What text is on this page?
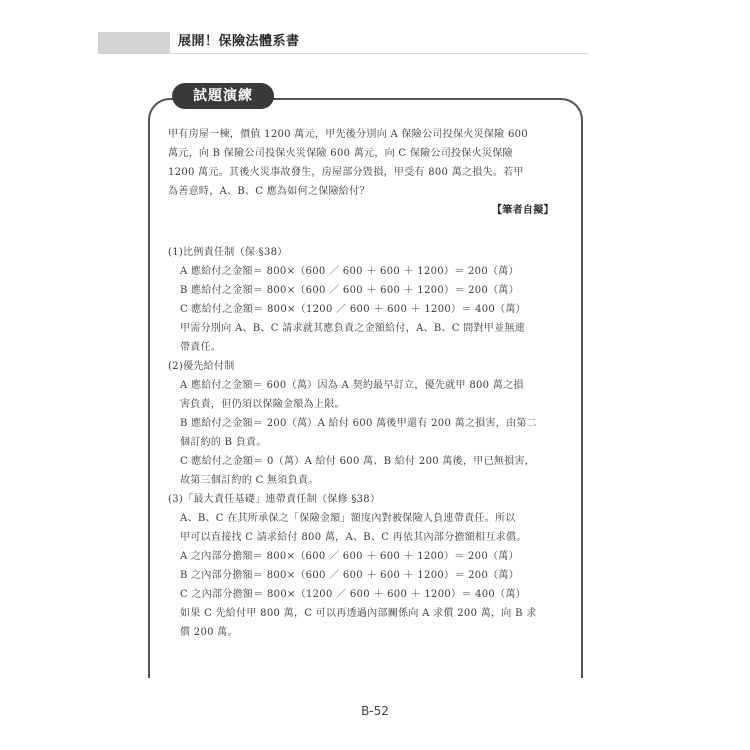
展開！保險法體系書
試題演練
甲有房屋一棟，價值 1200 萬元，甲先後分別向 A 保險公司投保火災保險 600
萬元，向 B 保險公司投保火災保險 600 萬元，向 C 保險公司投保火災保險
1200 萬元。其後火災事故發生，房屋部分毀損，甲受有 800 萬之損失。若甲
為善意時，A、B、C 應為如何之保險給付？
【筆者自擬】
(1)比例責任制（保 §38）
A 應給付之金額＝ 800×（600 ／ 600 ＋ 600 ＋ 1200）＝ 200（萬）
B 應給付之金額＝ 800×（600 ／ 600 ＋ 600 ＋ 1200）＝ 200（萬）
C 應給付之金額＝ 800×（1200 ／ 600 ＋ 600 ＋ 1200）＝ 400（萬）
甲需分別向 A、B、C 請求就其應負責之金額給付，A、B、C 間對甲並無連
帶責任。
(2)優先給付制
A 應給付之金額＝ 600（萬）因為 A 契約最早訂立，優先就甲 800 萬之損
害負責，但仍須以保險金額為上限。
B 應給付之金額＝ 200（萬）A 給付 600 萬後甲還有 200 萬之損害，由第二
個訂約的 B 負責。
C 應給付之金額＝ 0（萬）A 給付 600 萬、B 給付 200 萬後，甲已無損害，
故第三個訂約的 C 無須負責。
(3)「最大責任基礎」連帶責任制（保修 §38）
A、B、C 在其所承保之「保險金額」額度內對被保險人負連帶責任。所以
甲可以直接找 C 請求給付 800 萬，A、B、C 再依其內部分擔額相互求償。
A 之內部分擔額＝ 800×（600 ／ 600 ＋ 600 ＋ 1200）＝ 200（萬）
B 之內部分擔額＝ 800×（600 ／ 600 ＋ 600 ＋ 1200）＝ 200（萬）
C 之內部分擔額＝ 800×（1200 ／ 600 ＋ 600 ＋ 1200）＝ 400（萬）
如果 C 先給付甲 800 萬，C 可以再透過內部關係向 A 求償 200 萬，向 B 求
償 200 萬。
B-52
